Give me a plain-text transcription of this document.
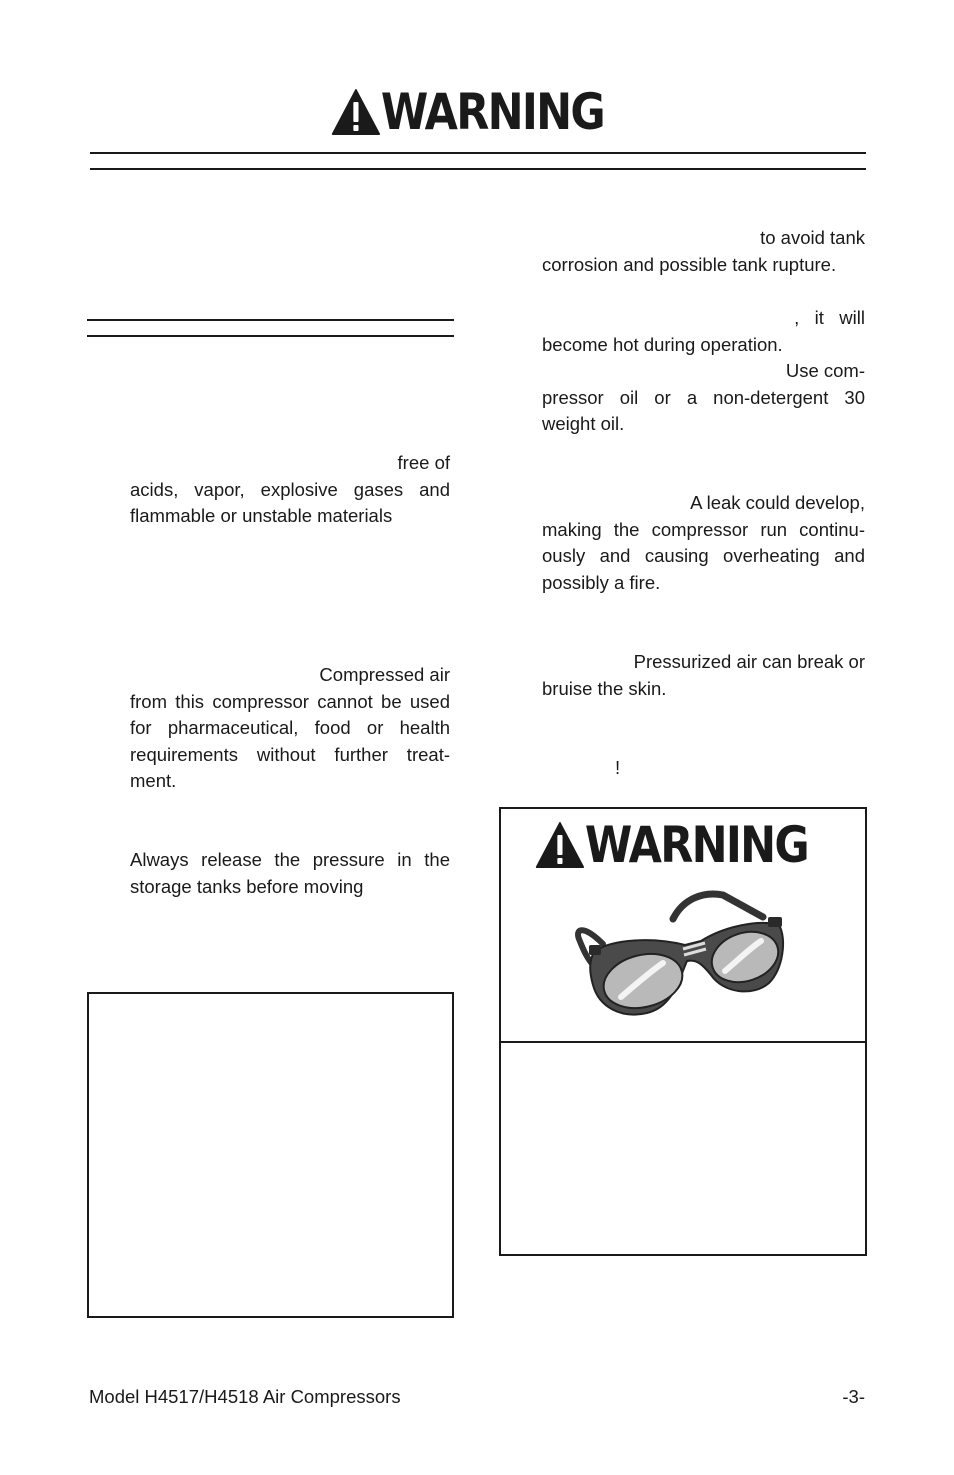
WARNING
free of
acids, vapor, explosive gases and
flammable or unstable materials
Compressed air
from this compressor cannot be used
for pharmaceutical, food or health
requirements without further treat-
ment.
Always release the pressure in the
storage tanks before moving
to avoid tank
corrosion and possible tank rupture.
,   it   will
become hot during operation.
Use com-
pressor oil or a non-detergent 30
weight oil.
A leak could develop,
making the compressor run continu-
ously and causing overheating and
possibly a fire.
Pressurized air can break or
bruise the skin.
!
WARNING
Model H4517/H4518 Air Compressors	-3-
